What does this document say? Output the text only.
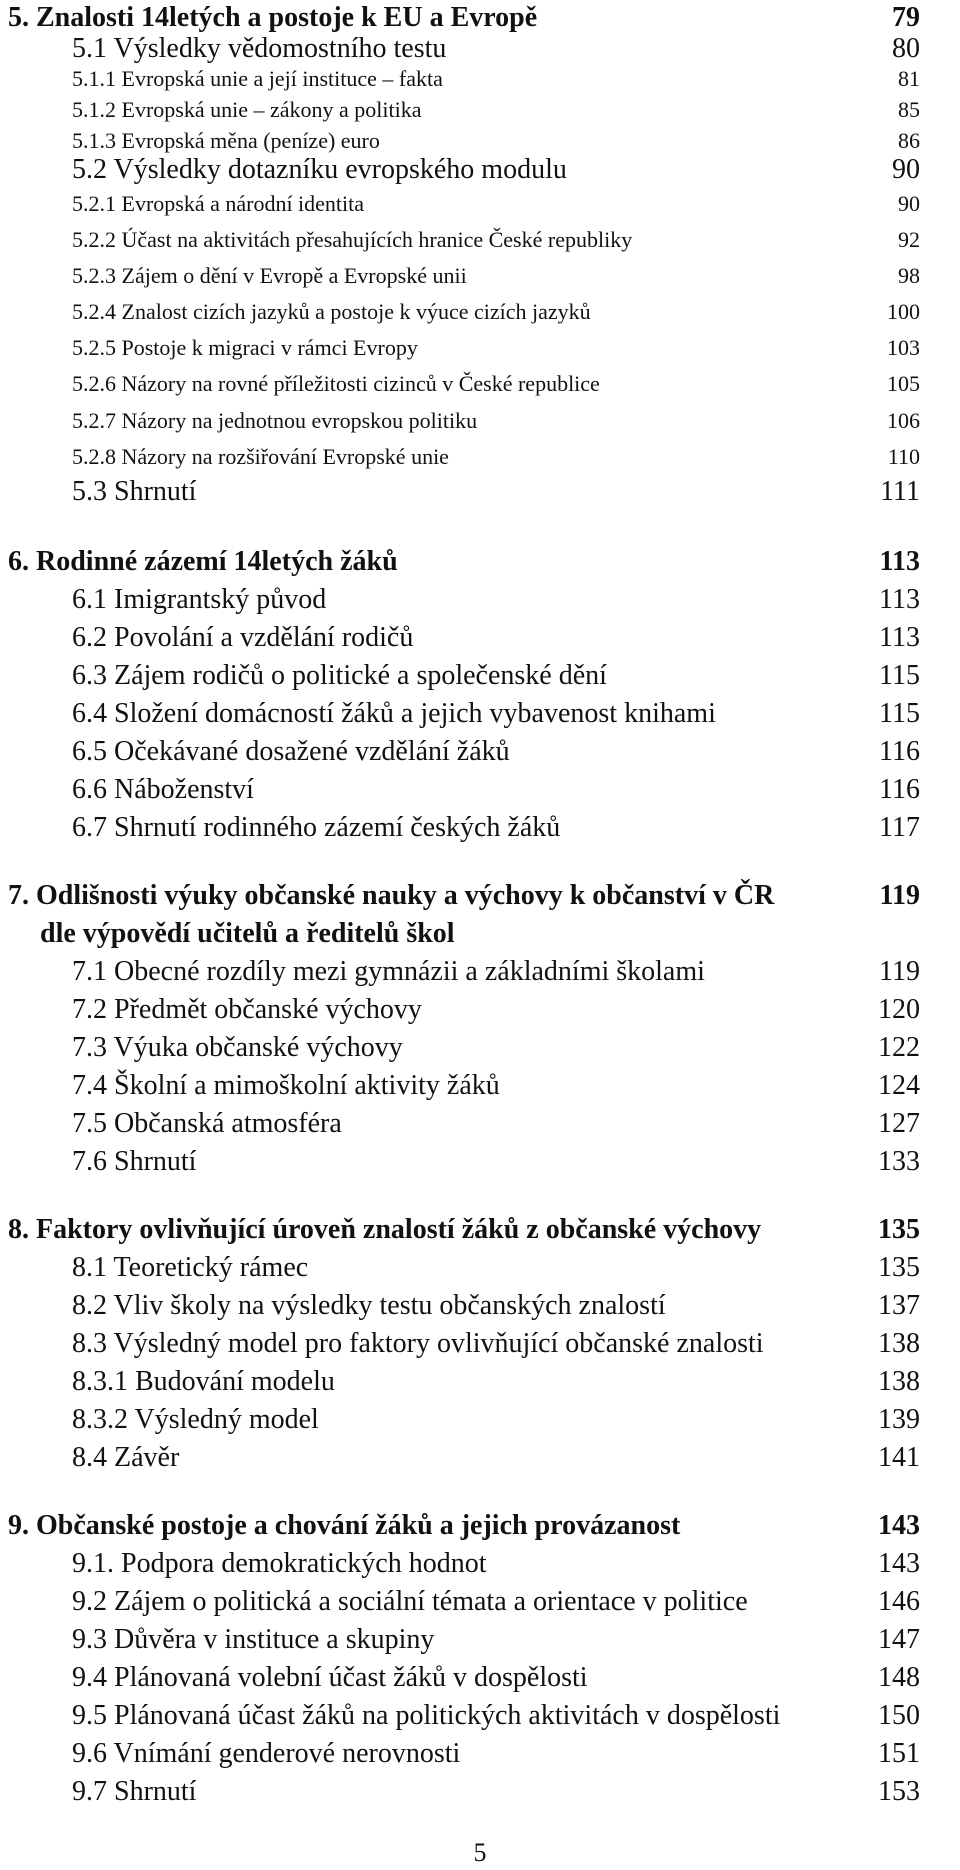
5. Znalosti 14letých a postoje k EU a Evropě	79
5.1 Výsledky vědomostního testu	80
5.1.1 Evropská unie a její instituce – fakta	81
5.1.2 Evropská unie – zákony a politika	85
5.1.3 Evropská měna (peníze) euro	86
5.2 Výsledky dotazníku evropského modulu	90
5.2.1 Evropská a národní identita	90
5.2.2 Účast na aktivitách přesahujících hranice České republiky	92
5.2.3 Zájem o dění v Evropě a Evropské unii	98
5.2.4 Znalost cizích jazyků a postoje k výuce cizích jazyků	100
5.2.5 Postoje k migraci v rámci Evropy	103
5.2.6 Názory na rovné příležitosti cizinců v České republice	105
5.2.7 Názory na jednotnou evropskou politiku	106
5.2.8 Názory na rozšiřování Evropské unie	110
5.3 Shrnutí	111
6. Rodinné zázemí 14letých žáků	113
6.1 Imigrantský původ	113
6.2 Povolání a vzdělání rodičů	113
6.3 Zájem rodičů o politické a společenské dění	115
6.4 Složení domácností žáků a jejich vybavenost knihami	115
6.5 Očekávané dosažené vzdělání žáků	116
6.6 Náboženství	116
6.7 Shrnutí rodinného zázemí českých žáků	117
7. Odlišnosti výuky občanské nauky a výchovy k občanství v ČR	119
dle výpovědí učitelů a ředitelů škol
7.1 Obecné rozdíly mezi gymnázii a základními školami	119
7.2 Předmět občanské výchovy	120
7.3 Výuka občanské výchovy	122
7.4 Školní a mimoškolní aktivity žáků	124
7.5 Občanská atmosféra	127
7.6 Shrnutí	133
8. Faktory ovlivňující úroveň znalostí žáků z občanské výchovy	135
8.1 Teoretický rámec	135
8.2 Vliv školy na výsledky testu občanských znalostí	137
8.3 Výsledný model pro faktory ovlivňující občanské znalosti	138
8.3.1 Budování modelu	138
8.3.2 Výsledný model	139
8.4 Závěr	141
9. Občanské postoje a chování žáků a jejich provázanost	143
9.1. Podpora demokratických hodnot	143
9.2 Zájem o politická a sociální témata a orientace v politice	146
9.3 Důvěra v instituce a skupiny	147
9.4 Plánovaná volební účast žáků v dospělosti	148
9.5 Plánovaná účast žáků na politických aktivitách v dospělosti	150
9.6 Vnímání genderové nerovnosti	151
9.7 Shrnutí	153
5
